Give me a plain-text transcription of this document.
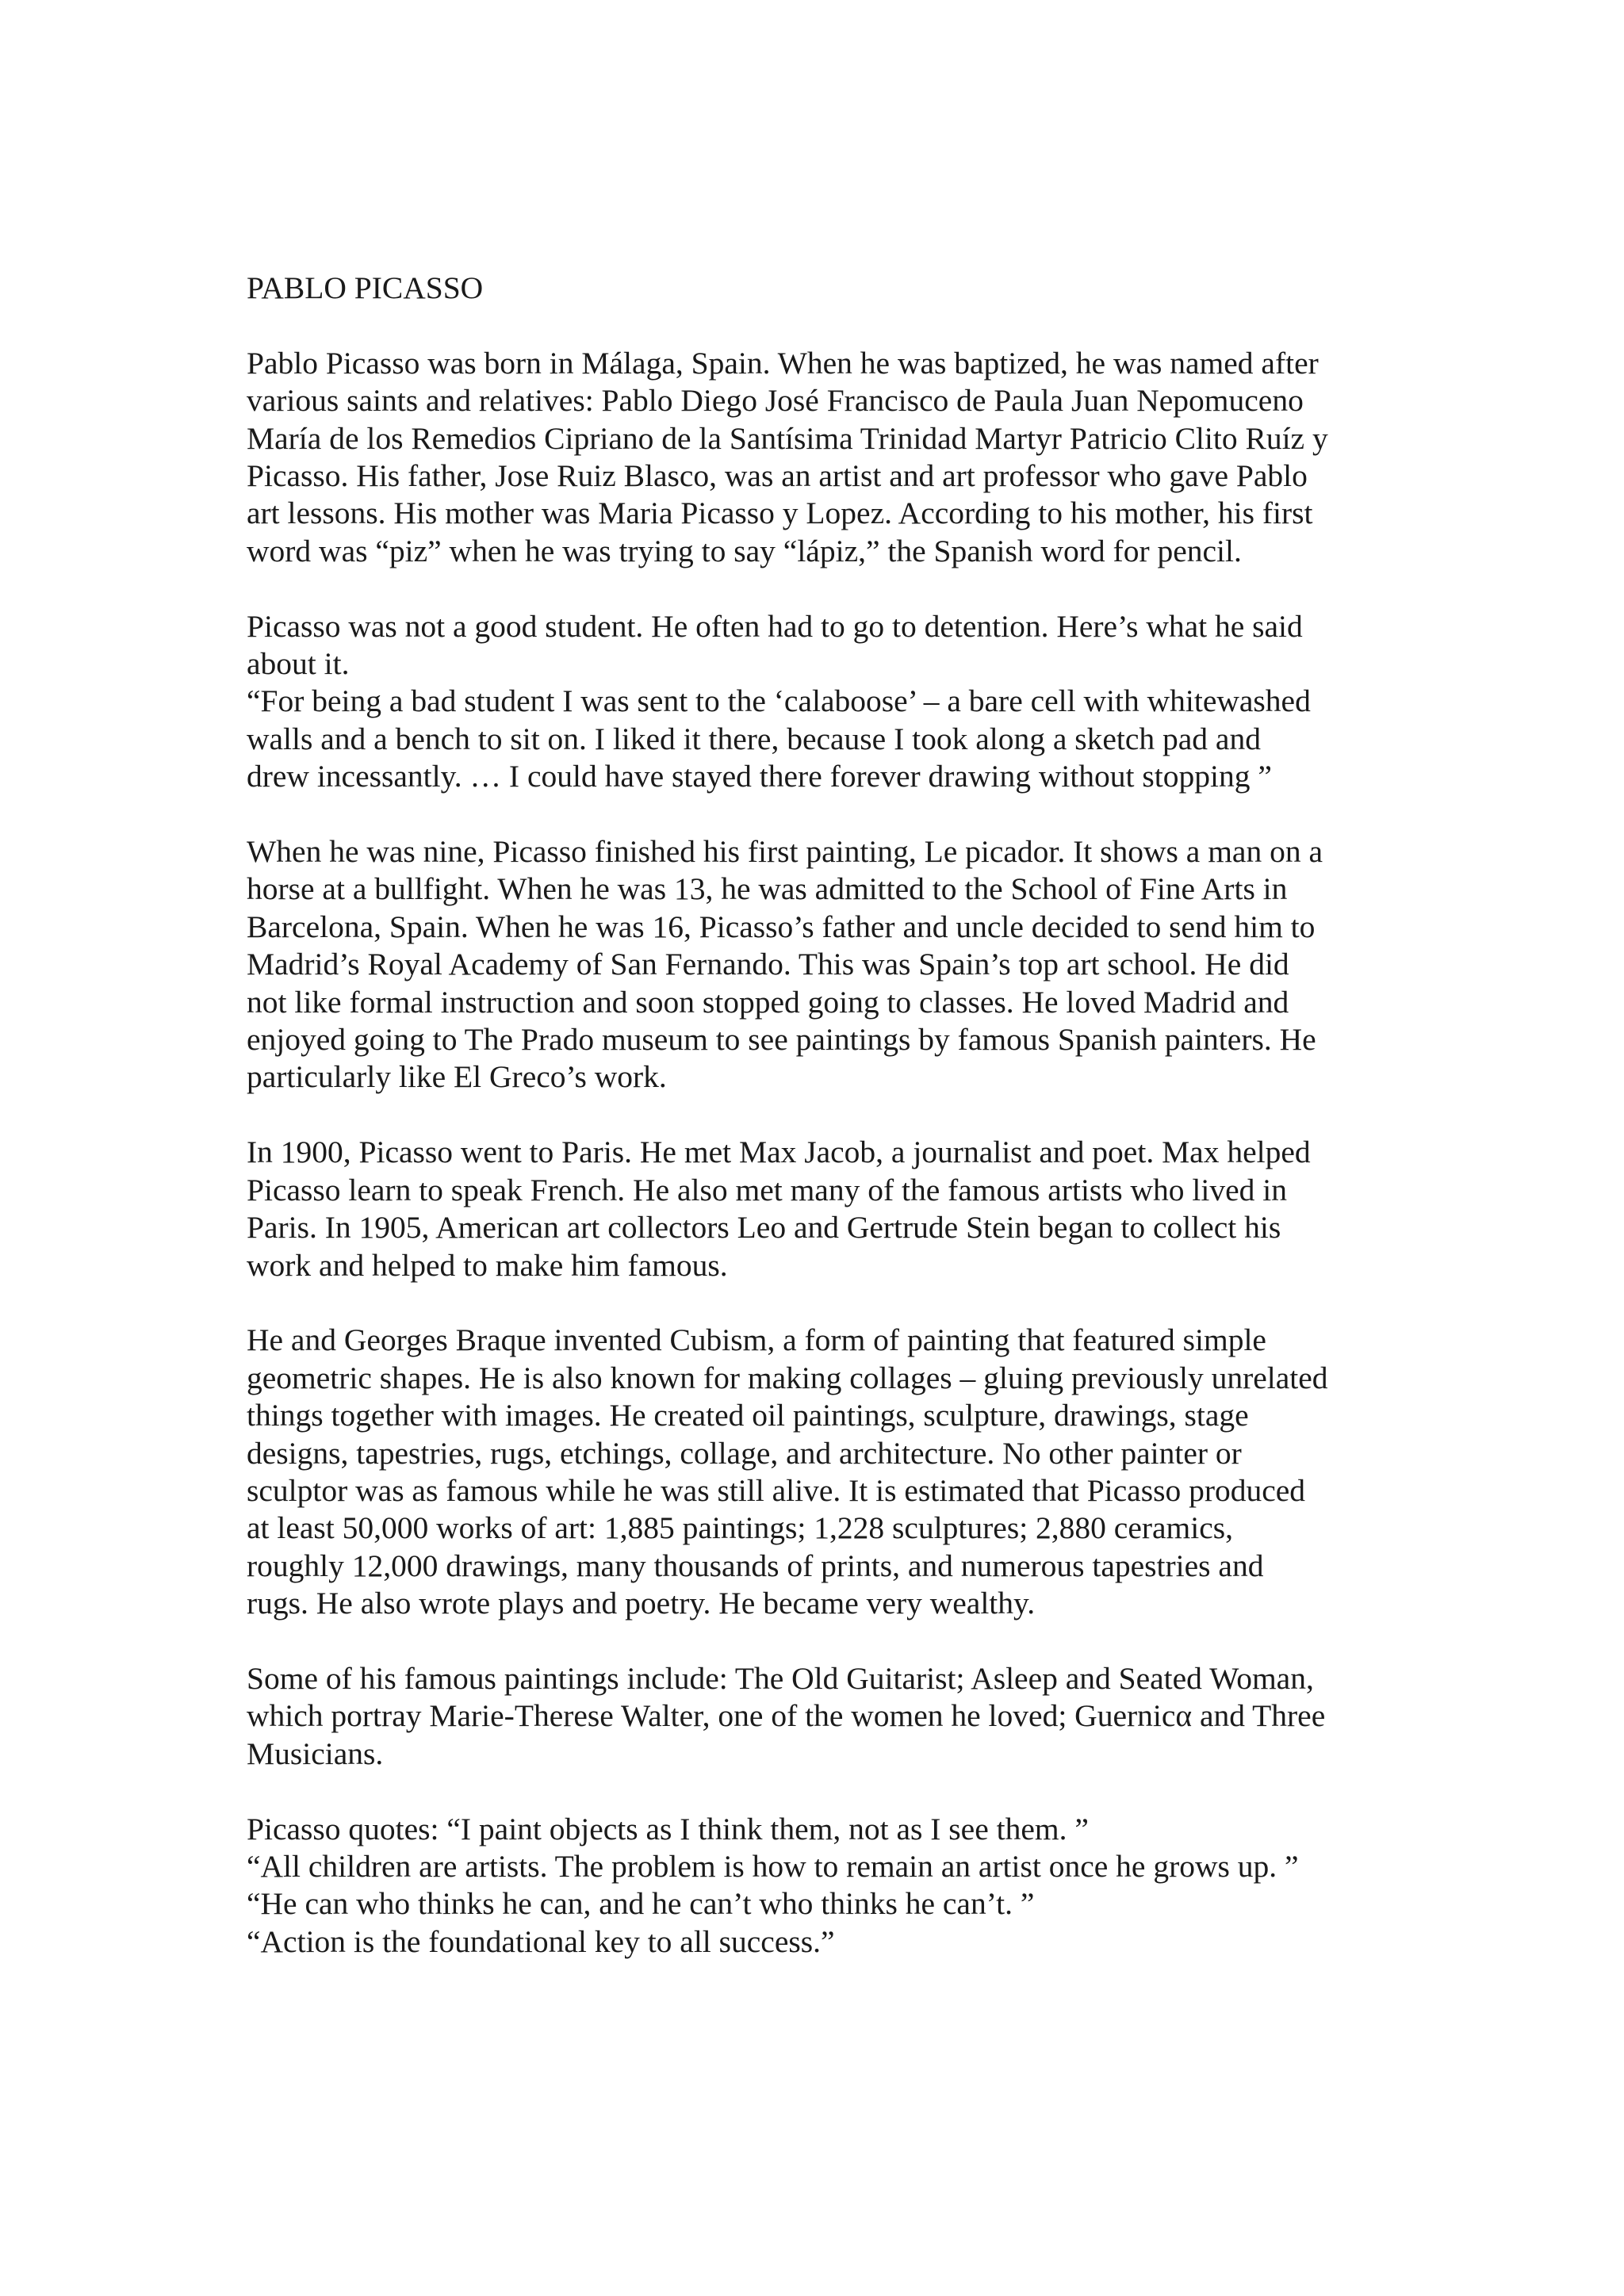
PABLO PICASSO
Pablo Picasso was born in Málaga, Spain. When he was baptized, he was named after
various saints and relatives: Pablo Diego José Francisco de Paula Juan Nepomuceno
María de los Remedios Cipriano de la Santísima Trinidad Martyr Patricio Clito Ruíz y
Picasso. His father, Jose Ruiz Blasco, was an artist and art professor who gave Pablo
art lessons. His mother was Maria Picasso y Lopez. According to his mother, his first
word was “piz” when he was trying to say “lápiz,” the Spanish word for pencil.
Picasso was not a good student. He often had to go to detention. Here’s what he said
about it.
“For being a bad student I was sent to the ‘calaboose’ – a bare cell with whitewashed
walls and a bench to sit on. I liked it there, because I took along a sketch pad and
drew incessantly. … I could have stayed there forever drawing without stopping ”
When he was nine, Picasso finished his first painting, Le picador. It shows a man on a
horse at a bullfight. When he was 13, he was admitted to the School of Fine Arts in
Barcelona, Spain. When he was 16, Picasso’s father and uncle decided to send him to
Madrid’s Royal Academy of San Fernando. This was Spain’s top art school. He did
not like formal instruction and soon stopped going to classes. He loved Madrid and
enjoyed going to The Prado museum to see paintings by famous Spanish painters. He
particularly like El Greco’s work.
In 1900, Picasso went to Paris. He met Max Jacob, a journalist and poet. Max helped
Picasso learn to speak French. He also met many of the famous artists who lived in
Paris. In 1905, American art collectors Leo and Gertrude Stein began to collect his
work and helped to make him famous.
He and Georges Braque invented Cubism, a form of painting that featured simple
geometric shapes. He is also known for making collages – gluing previously unrelated
things together with images. He created oil paintings, sculpture, drawings, stage
designs, tapestries, rugs, etchings, collage, and architecture. No other painter or
sculptor was as famous while he was still alive. It is estimated that Picasso produced
at least 50,000 works of art: 1,885 paintings; 1,228 sculptures; 2,880 ceramics,
roughly 12,000 drawings, many thousands of prints, and numerous tapestries and
rugs. He also wrote plays and poetry. He became very wealthy.
Some of his famous paintings include: The Old Guitarist; Asleep and Seated Woman,
which portray Marie-Therese Walter, one of the women he loved; Guernicα and Three
Musicians.
Picasso quotes: “I paint objects as I think them, not as I see them. ”
“All children are artists. The problem is how to remain an artist once he grows up. ”
“He can who thinks he can, and he can’t who thinks he can’t. ”
“Action is the foundational key to all success.”
